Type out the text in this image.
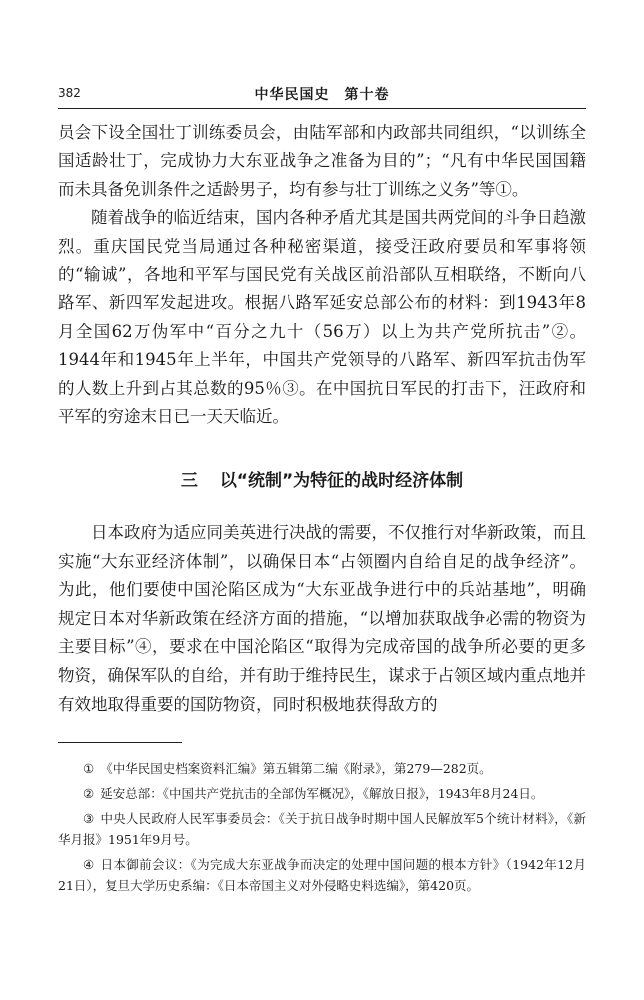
382	中华民国史　第十卷

员会下设全国壮丁训练委员会，由陆军部和内政部共同组织，“以训练全国适龄壮丁，完成协力大东亚战争之准备为目的”；“凡有中华民国国籍而未具备免训条件之适龄男子，均有参与壮丁训练之义务”等①。

随着战争的临近结束，国内各种矛盾尤其是国共两党间的斗争日趋激烈。重庆国民党当局通过各种秘密渠道，接受汪政府要员和军事将领的“输诚”，各地和平军与国民党有关战区前沿部队互相联络，不断向八路军、新四军发起进攻。根据八路军延安总部公布的材料：到1943年8月全国62万伪军中“百分之九十（56万）以上为共产党所抗击”②。1944年和1945年上半年，中国共产党领导的八路军、新四军抗击伪军的人数上升到占其总数的95％③。在中国抗日军民的打击下，汪政府和平军的穷途末日已一天天临近。

三 以“统制”为特征的战时经济体制

日本政府为适应同美英进行决战的需要，不仅推行对华新政策，而且实施“大东亚经济体制”，以确保日本“占领圈内自给自足的战争经济”。为此，他们要使中国沦陷区成为“大东亚战争进行中的兵站基地”，明确规定日本对华新政策在经济方面的措施，“以增加获取战争必需的物资为主要目标”④，要求在中国沦陷区“取得为完成帝国的战争所必要的更多物资，确保军队的自给，并有助于维持民生，谋求于占领区域内重点地并有效地取得重要的国防物资，同时积极地获得敌方的

① 《中华民国史档案资料汇编》第五辑第二编《附录》，第279—282页。

② 延安总部：《中国共产党抗击的全部伪军概况》，《解放日报》，1943年8月24日。

③ 中央人民政府人民军事委员会：《关于抗日战争时期中国人民解放军5个统计材料》，《新华月报》1951年9月号。

④ 日本御前会议：《为完成大东亚战争而决定的处理中国问题的根本方针》（1942年12月21日），复旦大学历史系编：《日本帝国主义对外侵略史料选编》，第420页。
